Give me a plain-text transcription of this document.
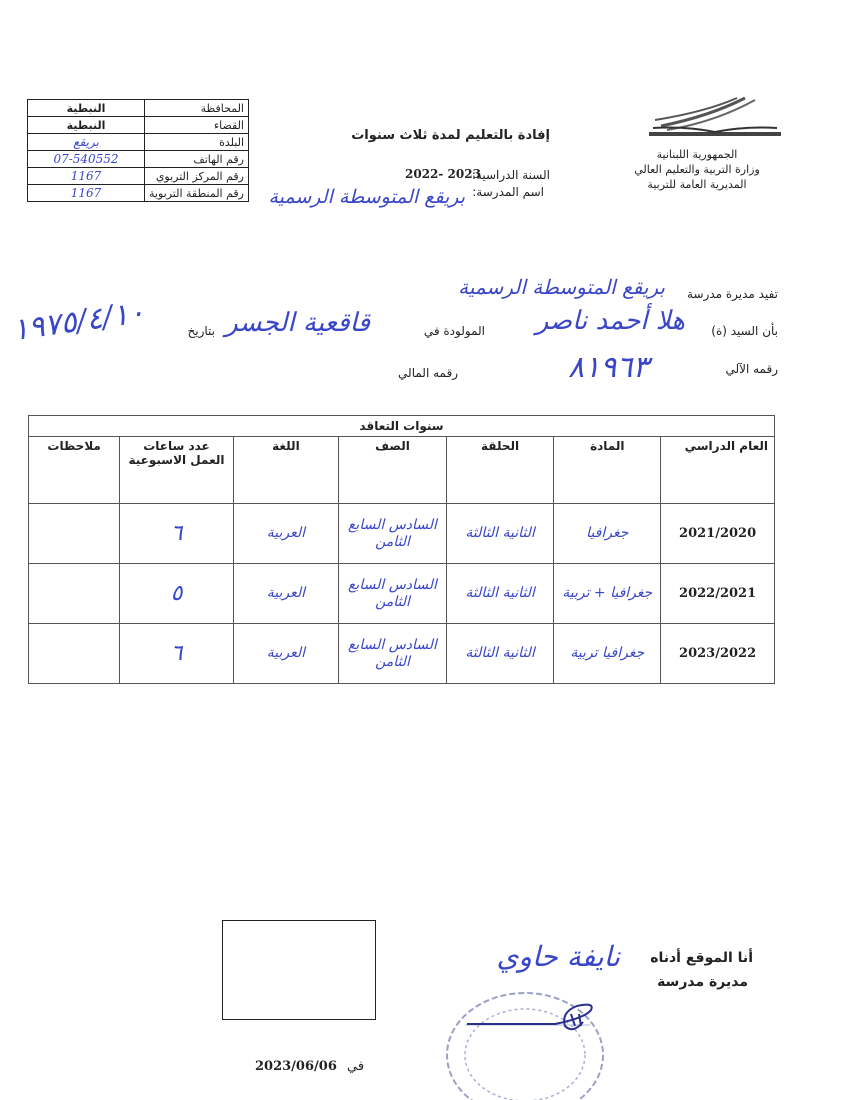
الجمهورية اللبنانية
وزارة التربية والتعليم العالي
المديرية العامة للتربية
المحافظة	النبطية
القضاء	النبطية
البلدة	بريقع
رقم الهاتف	07-540552
رقم المركز التربوي	1167
رقم المنطقة التربوية	1167
إفادة بالتعليم لمدة ثلاث سنوات
السنة الدراسية:
2022- 2023
اسم المدرسة:
بريقع المتوسطة الرسمية
تفيد مديرة مدرسة
بريقع المتوسطة الرسمية
بأن السيد (ة)
هلا أحمد ناصر
المولودة في
قاقعية الجسر
بتاريخ
١٩٧٥/٤/١٠
رقمه الآلي
٨١٩٦٣
رقمه المالي
سنوات التعاقد						
العام الدراسي	المادة	الحلقة	الصف	اللغة	عدد ساعات العمل الاسبوعية	ملاحظات
2021/2020	جغرافيا	الثانية الثالثة	السادس السابع الثامن	العربية	٦	
2022/2021	جغرافيا + تربية	الثانية الثالثة	السادس السابع الثامن	العربية	٥	
2023/2022	جغرافيا تربية	الثانية الثالثة	السادس السابع الثامن	العربية	٦	
نايفة حاوي أنا الموقع أدناه
مديرة مدرسة
2023/06/06 في
